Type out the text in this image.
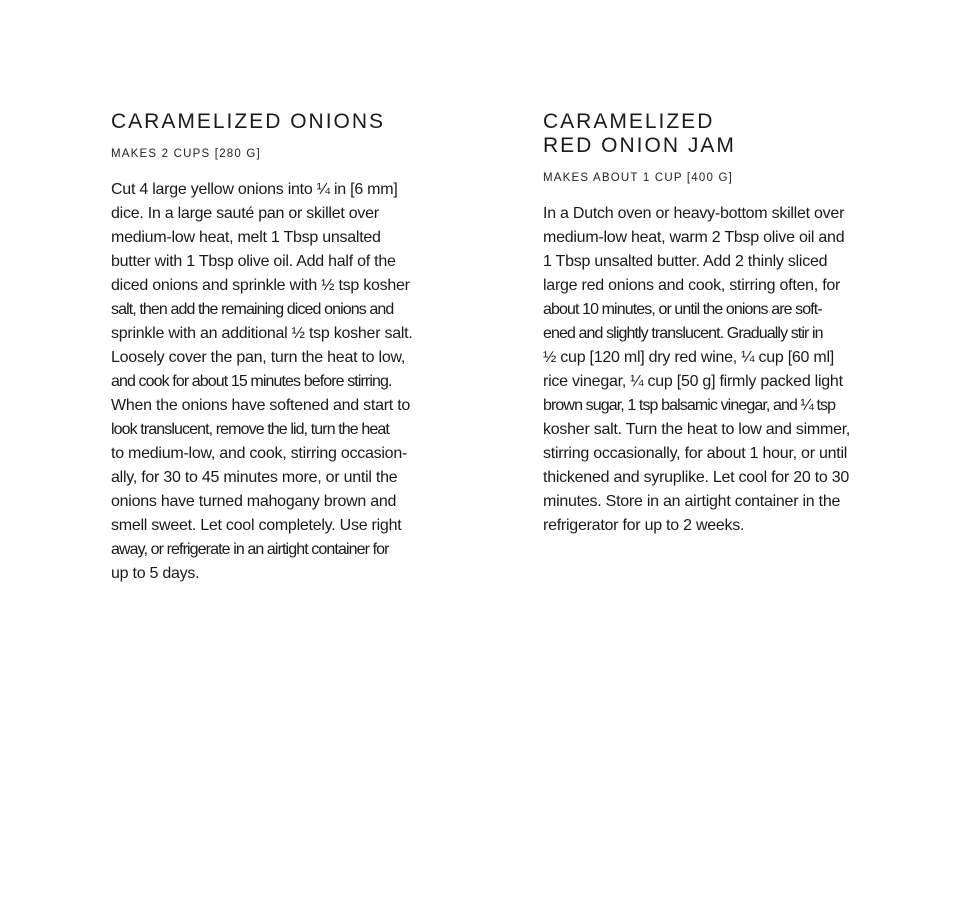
CARAMELIZED ONIONS

MAKES 2 CUPS [280 G]

Cut 4 large yellow onions into ¼ in [6 mm]
dice. In a large sauté pan or skillet over
medium-low heat, melt 1 Tbsp unsalted
butter with 1 Tbsp olive oil. Add half of the
diced onions and sprinkle with ½ tsp kosher
salt, then add the remaining diced onions and
sprinkle with an additional ½ tsp kosher salt.
Loosely cover the pan, turn the heat to low,
and cook for about 15 minutes before stirring.
When the onions have softened and start to
look translucent, remove the lid, turn the heat
to medium-low, and cook, stirring occasion-
ally, for 30 to 45 minutes more, or until the
onions have turned mahogany brown and
smell sweet. Let cool completely. Use right
away, or refrigerate in an airtight container for
up to 5 days.
CARAMELIZED
RED ONION JAM

MAKES ABOUT 1 CUP [400 G]

In a Dutch oven or heavy-bottom skillet over
medium-low heat, warm 2 Tbsp olive oil and
1 Tbsp unsalted butter. Add 2 thinly sliced
large red onions and cook, stirring often, for
about 10 minutes, or until the onions are soft-
ened and slightly translucent. Gradually stir in
½ cup [120 ml] dry red wine, ¼ cup [60 ml]
rice vinegar, ¼ cup [50 g] firmly packed light
brown sugar, 1 tsp balsamic vinegar, and ¼ tsp
kosher salt. Turn the heat to low and simmer,
stirring occasionally, for about 1 hour, or until
thickened and syruplike. Let cool for 20 to 30
minutes. Store in an airtight container in the
refrigerator for up to 2 weeks.
